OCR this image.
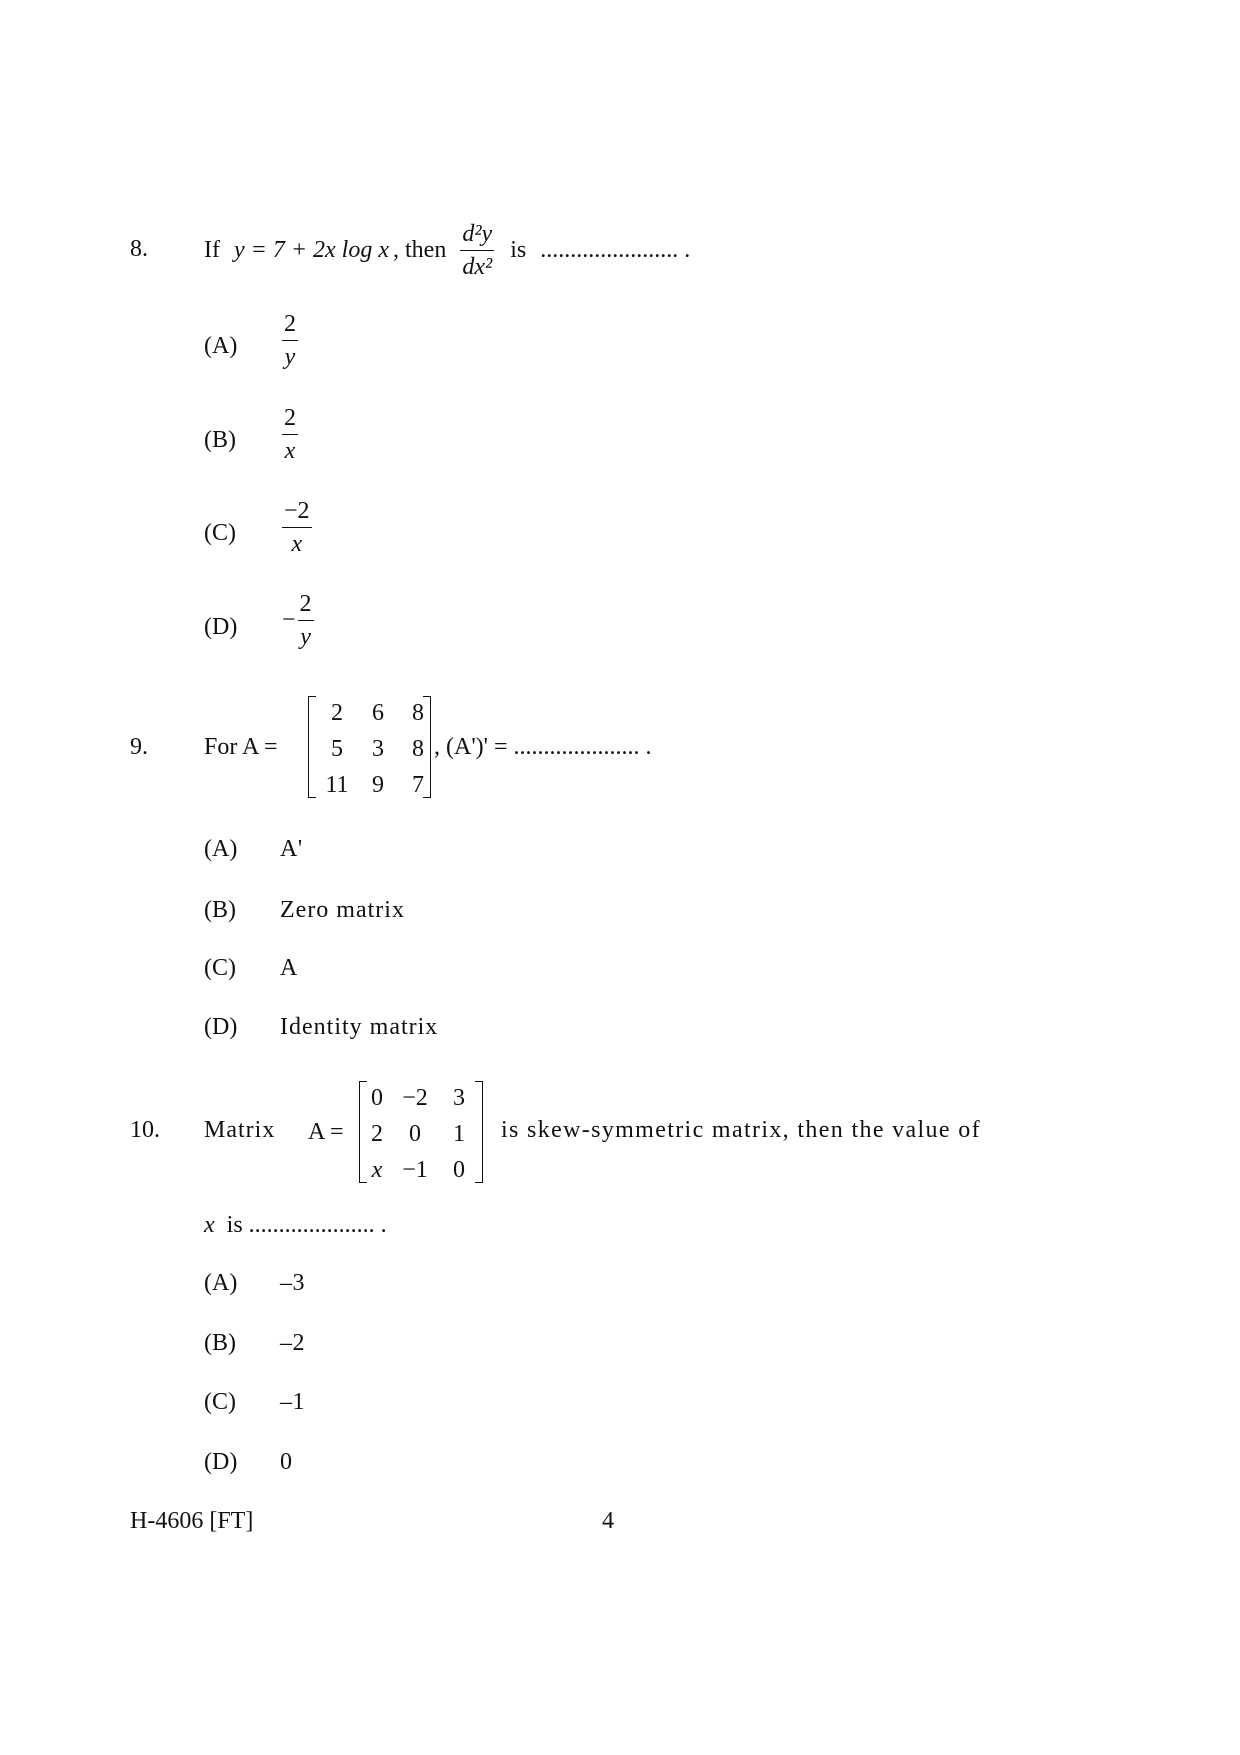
8. If y = 7 + 2x log x , then $\frac{\text{d²y}}{\text{dx²}}$ is ....................... .
$(A) \frac{2}{y}$
$(B) \frac{2}{x}$
$(C) \frac{-2}{x}$
$(D) - \frac{2}{y}$
9. For A =
2 6 8
5 3 8
11 9 7
, (A')' = ..................... .
(A) A'
(B) Zero matrix
(C) A
(D) Identity matrix
10. Matrix A =
0 −2 3
2 0 1
x −1 0
is skew-symmetric matrix, then the value of
x is ..................... .
(A) –3
(B) –2
(C) –1
(D) 0
H-4606 [FT]	4
